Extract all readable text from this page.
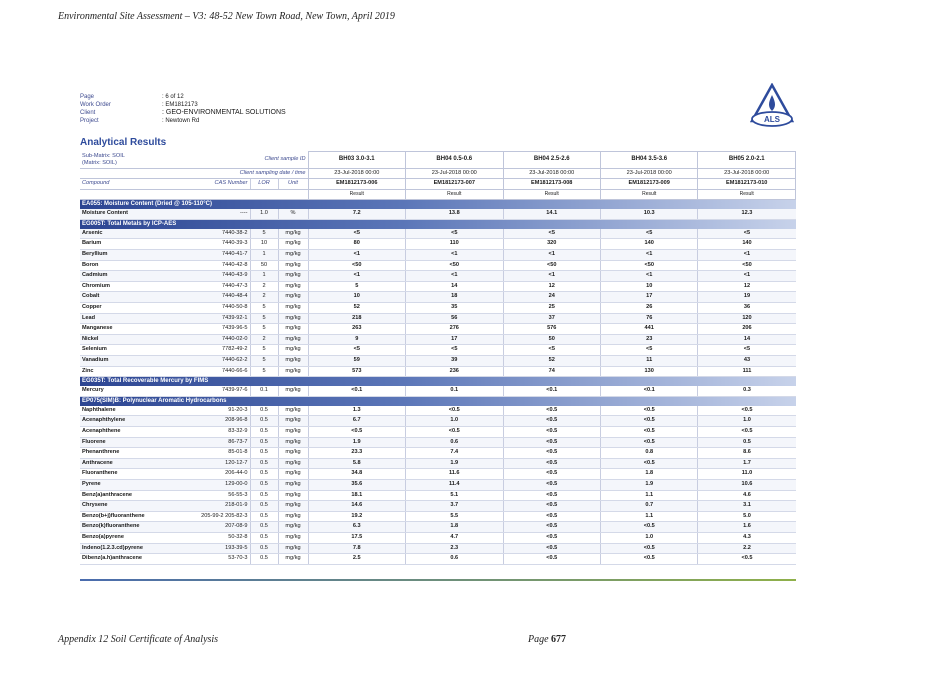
Environmental Site Assessment – V3: 48-52 New Town Road, New Town, April 2019
Page	: 6 of 12
Work Order	: EM1812173
Client	: GEO-ENVIRONMENTAL SOLUTIONS
Project	: Newtown Rd	ALS
Analytical Results
Sub-Matrix: SOIL
(Matrix: SOIL)	Client sample ID			BH03 3.0-3.1	BH04 0.5-0.6	BH04 2.5-2.6	BH04 3.5-3.6	BH05 2.0-2.1
Client sampling date / time				23-Jul-2018 00:00	23-Jul-2018 00:00	23-Jul-2018 00:00	23-Jul-2018 00:00	23-Jul-2018 00:00
Compound	CAS Number	LOR	Unit	EM1812173-006	EM1812173-007	EM1812173-008	EM1812173-009	EM1812173-010
				Result	Result	Result	Result	Result
EA055: Moisture Content (Dried @ 105-110°C)								
Moisture Content	----	1.0	%	7.2	13.8	14.1	10.3	12.3
EG005T: Total Metals by ICP-AES								
Arsenic	7440-38-2	5	mg/kg	<5	<5	<5	<5	<5
Barium	7440-39-3	10	mg/kg	80	110	320	140	140
Beryllium	7440-41-7	1	mg/kg	<1	<1	<1	<1	<1
Boron	7440-42-8	50	mg/kg	<50	<50	<50	<50	<50
Cadmium	7440-43-9	1	mg/kg	<1	<1	<1	<1	<1
Chromium	7440-47-3	2	mg/kg	5	14	12	10	12
Cobalt	7440-48-4	2	mg/kg	10	18	24	17	19
Copper	7440-50-8	5	mg/kg	52	35	25	26	36
Lead	7439-92-1	5	mg/kg	218	56	37	76	120
Manganese	7439-96-5	5	mg/kg	263	276	576	441	206
Nickel	7440-02-0	2	mg/kg	9	17	50	23	14
Selenium	7782-49-2	5	mg/kg	<5	<5	<5	<5	<5
Vanadium	7440-62-2	5	mg/kg	59	39	52	11	43
Zinc	7440-66-6	5	mg/kg	573	236	74	130	111
EG035T: Total Recoverable Mercury by FIMS								
Mercury	7439-97-6	0.1	mg/kg	<0.1	0.1	<0.1	<0.1	0.3
EP075(SIM)B: Polynuclear Aromatic Hydrocarbons								
Naphthalene	91-20-3	0.5	mg/kg	1.3	<0.5	<0.5	<0.5	<0.5
Acenaphthylene	208-96-8	0.5	mg/kg	6.7	1.0	<0.5	<0.5	1.0
Acenaphthene	83-32-9	0.5	mg/kg	<0.5	<0.5	<0.5	<0.5	<0.5
Fluorene	86-73-7	0.5	mg/kg	1.9	0.6	<0.5	<0.5	0.5
Phenanthrene	85-01-8	0.5	mg/kg	23.3	7.4	<0.5	0.8	8.6
Anthracene	120-12-7	0.5	mg/kg	5.8	1.9	<0.5	<0.5	1.7
Fluoranthene	206-44-0	0.5	mg/kg	34.8	11.6	<0.5	1.8	11.0
Pyrene	129-00-0	0.5	mg/kg	35.6	11.4	<0.5	1.9	10.6
Benz(a)anthracene	56-55-3	0.5	mg/kg	18.1	5.1	<0.5	1.1	4.6
Chrysene	218-01-9	0.5	mg/kg	14.6	3.7	<0.5	0.7	3.1
Benzo(b+j)fluoranthene	205-99-2 205-82-3	0.5	mg/kg	19.2	5.5	<0.5	1.1	5.0
Benzo(k)fluoranthene	207-08-9	0.5	mg/kg	6.3	1.8	<0.5	<0.5	1.6
Benzo(a)pyrene	50-32-8	0.5	mg/kg	17.5	4.7	<0.5	1.0	4.3
Indeno(1.2.3.cd)pyrene	193-39-5	0.5	mg/kg	7.8	2.3	<0.5	<0.5	2.2
Dibenz(a.h)anthracene	53-70-3	0.5	mg/kg	2.5	0.6	<0.5	<0.5	<0.5
Appendix 12 Soil Certificate of Analysis	Page 677
